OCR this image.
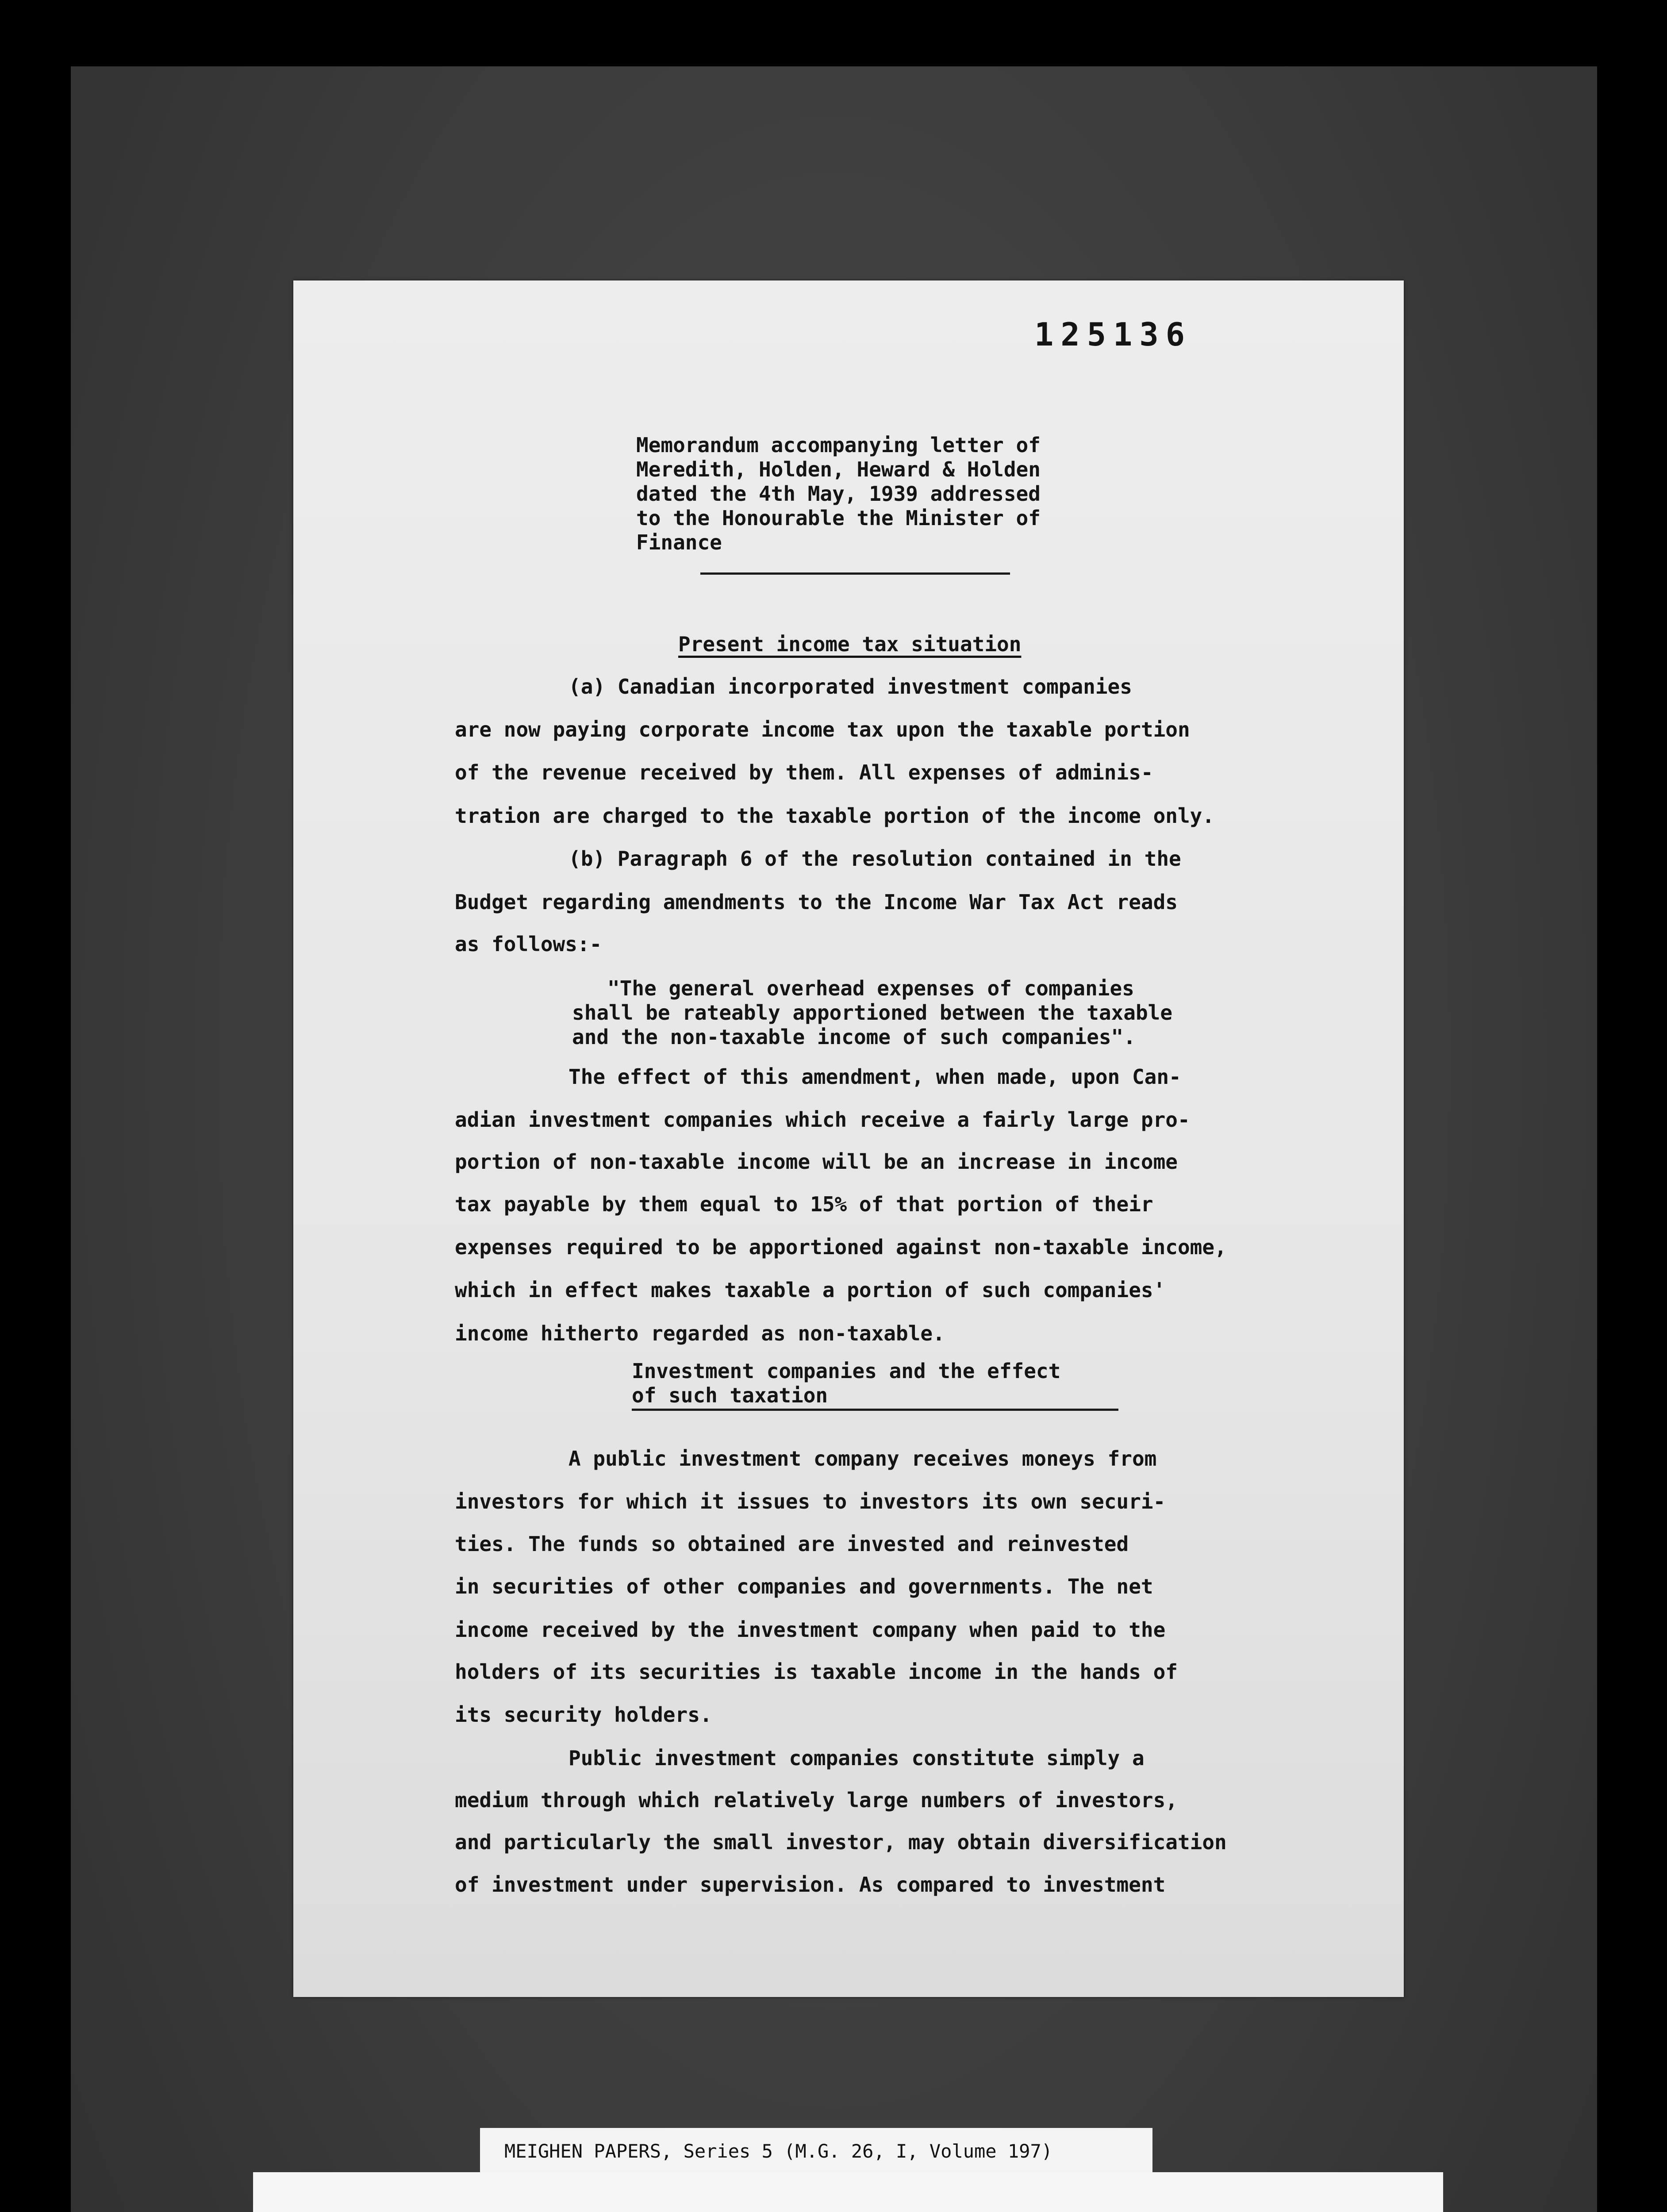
125136
Memorandum accompanying letter of
Meredith, Holden, Heward & Holden
dated the 4th May, 1939 addressed
to the Honourable the Minister of
Finance
Present income tax situation
(a) Canadian incorporated investment companies
are now paying corporate income tax upon the taxable portion
of the revenue received by them. All expenses of adminis-
tration are charged to the taxable portion of the income only.
(b) Paragraph 6 of the resolution contained in the
Budget regarding amendments to the Income War Tax Act reads
as follows:-
"The general overhead expenses of companies
shall be rateably apportioned between the taxable
and the non-taxable income of such companies".
The effect of this amendment, when made, upon Can-
adian investment companies which receive a fairly large pro-
portion of non-taxable income will be an increase in income
tax payable by them equal to 15% of that portion of their
expenses required to be apportioned against non-taxable income,
which in effect makes taxable a portion of such companies'
income hitherto regarded as non-taxable.
Investment companies and the effect
of such taxation
A public investment company receives moneys from
investors for which it issues to investors its own securi-
ties. The funds so obtained are invested and reinvested
in securities of other companies and governments. The net
income received by the investment company when paid to the
holders of its securities is taxable income in the hands of
its security holders.
Public investment companies constitute simply a
medium through which relatively large numbers of investors,
and particularly the small investor, may obtain diversification
of investment under supervision. As compared to investment
MEIGHEN PAPERS, Series 5 (M.G. 26, I, Volume 197)
